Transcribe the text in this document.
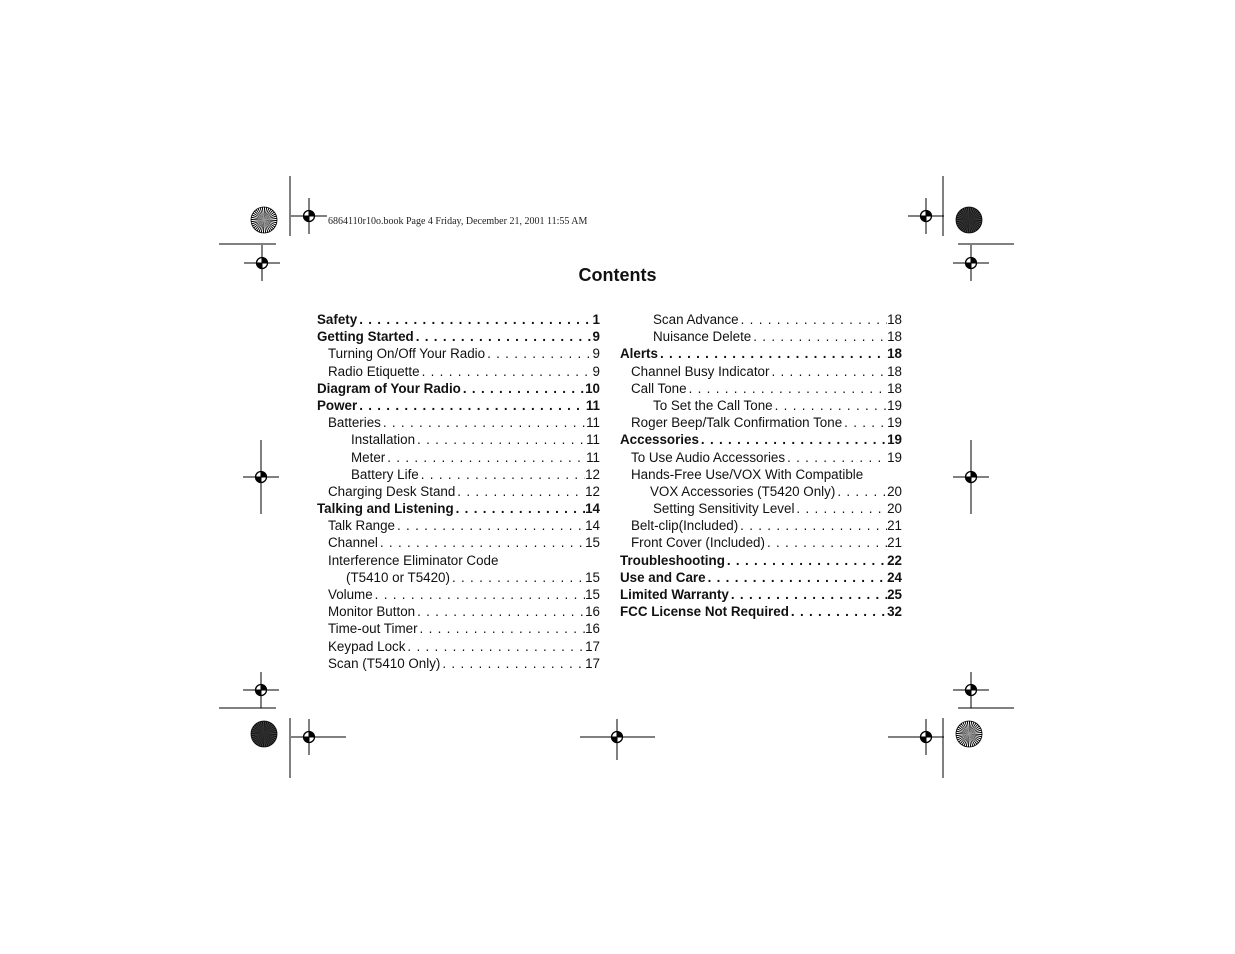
6864110r10o.book Page 4 Friday, December 21, 2001 11:55 AM
Contents
Safety . . .	1
Getting Started . . .	9
Turning On/Off Your Radio . . .	9
Radio Etiquette . . .	9
Diagram of Your Radio . . .	10
Power . . .	11
Batteries . . .	11
Installation . . .	11
Meter . . .	11
Battery Life . . .	12
Charging Desk Stand . . .	12
Talking and Listening . . .	14
Talk Range . . .	14
Channel . . .	15
Interference Eliminator Code
(T5410 or T5420) . . .	15
Volume . . .	15
Monitor Button . . .	16
Time-out Timer . . .	16
Keypad Lock . . .	17
Scan (T5410 Only) . . .	17
Scan Advance . . .	18
Nuisance Delete . . .	18
Alerts . . .	18
Channel Busy Indicator . . .	18
Call Tone . . .	18
To Set the Call Tone . . .	19
Roger Beep/Talk Confirmation Tone . . .	19
Accessories . . .	19
To Use Audio Accessories . . .	19
Hands-Free Use/VOX With Compatible
VOX Accessories (T5420 Only) . . .	20
Setting Sensitivity Level . . .	20
Belt-clip(Included) . . .	21
Front Cover (Included) . . .	21
Troubleshooting . . .	22
Use and Care . . .	24
Limited Warranty . . .	25
FCC License Not Required . . .	32
